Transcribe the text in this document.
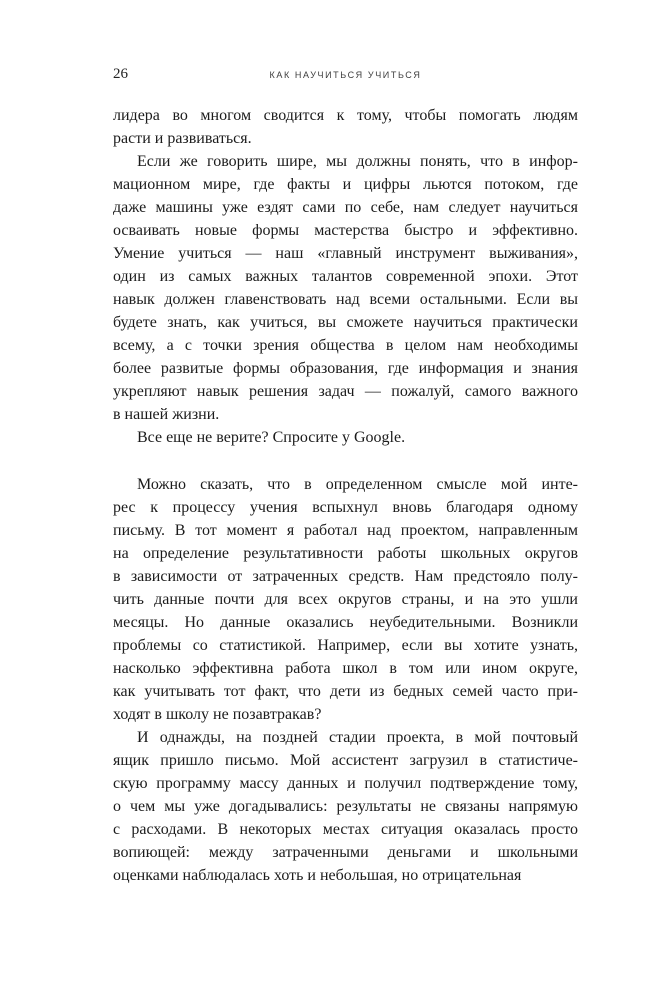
26	КАК НАУЧИТЬСЯ УЧИТЬСЯ
лидера во многом сводится к тому, чтобы помогать людям
расти и развиваться.
Если же говорить шире, мы должны понять, что в инфор-
мационном мире, где факты и цифры льются потоком, где
даже машины уже ездят сами по себе, нам следует научиться
осваивать новые формы мастерства быстро и эффективно.
Умение учиться — наш «главный инструмент выживания»,
один из самых важных талантов современной эпохи. Этот
навык должен главенствовать над всеми остальными. Если вы
будете знать, как учиться, вы сможете научиться практически
всему, а с точки зрения общества в целом нам необходимы
более развитые формы образования, где информация и знания
укрепляют навык решения задач — пожалуй, самого важного
в нашей жизни.
Все еще не верите? Спросите у Google.
Можно сказать, что в определенном смысле мой инте-
рес к процессу учения вспыхнул вновь благодаря одному
письму. В тот момент я работал над проектом, направленным
на определение результативности работы школьных округов
в зависимости от затраченных средств. Нам предстояло полу-
чить данные почти для всех округов страны, и на это ушли
месяцы. Но данные оказались неубедительными. Возникли
проблемы со статистикой. Например, если вы хотите узнать,
насколько эффективна работа школ в том или ином округе,
как учитывать тот факт, что дети из бедных семей часто при-
ходят в школу не позавтракав?
И однажды, на поздней стадии проекта, в мой почтовый
ящик пришло письмо. Мой ассистент загрузил в статистиче-
скую программу массу данных и получил подтверждение тому,
о чем мы уже догадывались: результаты не связаны напрямую
с расходами. В некоторых местах ситуация оказалась просто
вопиющей: между затраченными деньгами и школьными
оценками наблюдалась хоть и небольшая, но отрицательная
